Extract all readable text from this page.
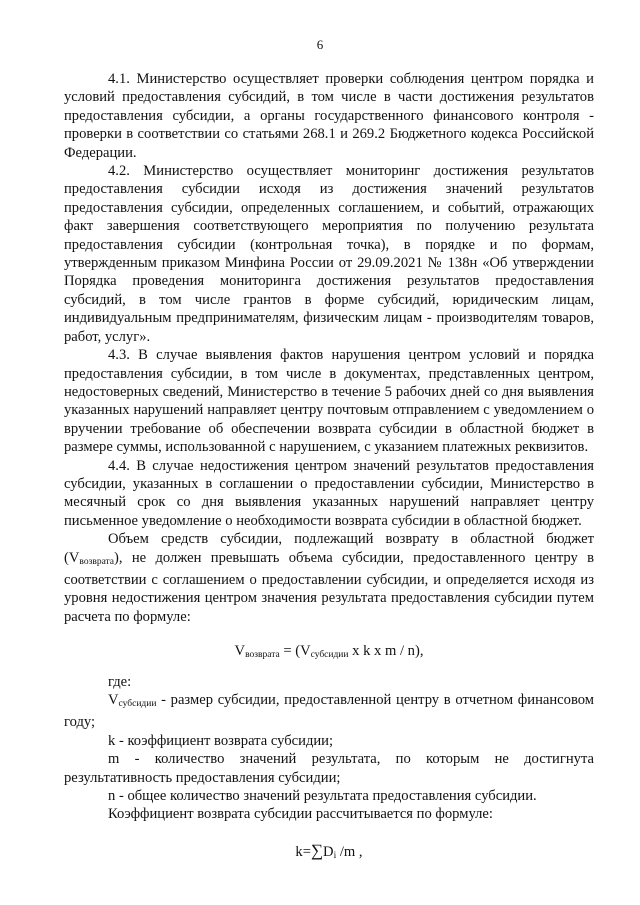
6

4.1. Министерство осуществляет проверки соблюдения центром порядка и условий предоставления субсидий, в том числе в части достижения результатов предоставления субсидии, а органы государственного финансового контроля - проверки в соответствии со статьями 268.1 и 269.2 Бюджетного кодекса Российской Федерации.

4.2. Министерство осуществляет мониторинг достижения результатов предоставления субсидии исходя из достижения значений результатов предоставления субсидии, определенных соглашением, и событий, отражающих факт завершения соответствующего мероприятия по получению результата предоставления субсидии (контрольная точка), в порядке и по формам, утвержденным приказом Минфина России от 29.09.2021 № 138н «Об утверждении Порядка проведения мониторинга достижения результатов предоставления субсидий, в том числе грантов в форме субсидий, юридическим лицам, индивидуальным предпринимателям, физическим лицам - производителям товаров, работ, услуг».

4.3. В случае выявления фактов нарушения центром условий и порядка предоставления субсидии, в том числе в документах, представленных центром, недостоверных сведений, Министерство в течение 5 рабочих дней со дня выявления указанных нарушений направляет центру почтовым отправлением с уведомлением о вручении требование об обеспечении возврата субсидии в областной бюджет в размере суммы, использованной с нарушением, с указанием платежных реквизитов.

4.4. В случае недостижения центром значений результатов предоставления субсидии, указанных в соглашении о предоставлении субсидии, Министерство в месячный срок со дня выявления указанных нарушений направляет центру письменное уведомление о необходимости возврата субсидии в областной бюджет.

Объем средств субсидии, подлежащий возврату в областной бюджет $(V_{возврата})$, не должен превышать объема субсидии, предоставленного центру в соответствии с соглашением о предоставлении субсидии, и определяется исходя из уровня недостижения центром значения результата предоставления субсидии путем расчета по формуле:

$V_{возврата} = (V_{субсидии}$ x k x m / n),

где:

$V_{субсидии}$ - размер субсидии, предоставленной центру в отчетном финансовом году;

k - коэффициент возврата субсидии;

m - количество значений результата, по которым не достигнута результативность предоставления субсидии;

n - общее количество значений результата предоставления субсидии.

Коэффициент возврата субсидии рассчитывается по формуле:

$k=\sum D_i$ /m ,
